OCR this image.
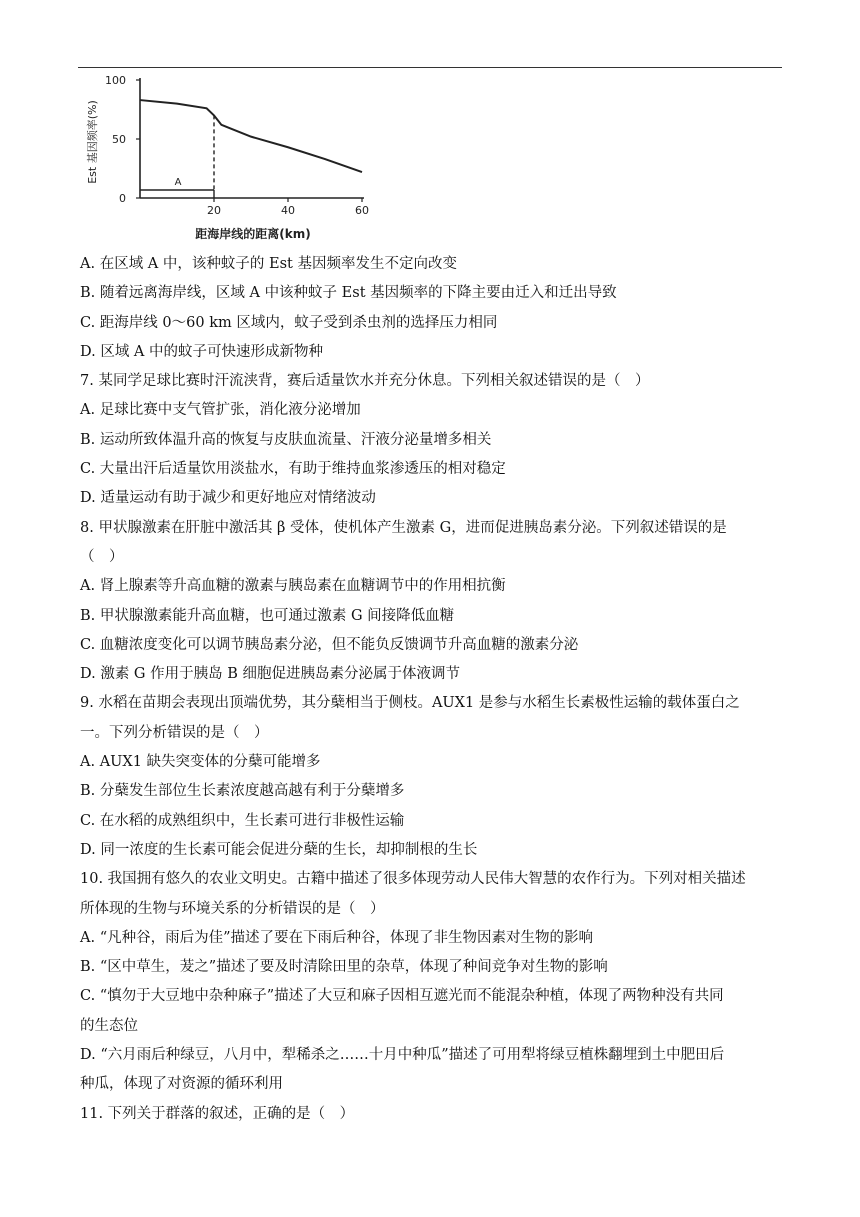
Est 基因频率(%)
距海岸线的距离(km)
100
50
0
20	40	60
A
A. 在区域 A 中，该种蚊子的 Est 基因频率发生不定向改变
B. 随着远离海岸线，区域 A 中该种蚊子 Est 基因频率的下降主要由迁入和迁出导致
C. 距海岸线 0～60 km 区域内，蚊子受到杀虫剂的选择压力相同
D. 区域 A 中的蚊子可快速形成新物种
7. 某同学足球比赛时汗流浃背，赛后适量饮水并充分休息。下列相关叙述错误的是（　）
A. 足球比赛中支气管扩张，消化液分泌增加
B. 运动所致体温升高的恢复与皮肤血流量、汗液分泌量增多相关
C. 大量出汗后适量饮用淡盐水，有助于维持血浆渗透压的相对稳定
D. 适量运动有助于减少和更好地应对情绪波动
8. 甲状腺激素在肝脏中激活其 β 受体，使机体产生激素 G，进而促进胰岛素分泌。下列叙述错误的是
（　）
A. 肾上腺素等升高血糖的激素与胰岛素在血糖调节中的作用相抗衡
B. 甲状腺激素能升高血糖，也可通过激素 G 间接降低血糖
C. 血糖浓度变化可以调节胰岛素分泌，但不能负反馈调节升高血糖的激素分泌
D. 激素 G 作用于胰岛 B 细胞促进胰岛素分泌属于体液调节
9. 水稻在苗期会表现出顶端优势，其分蘖相当于侧枝。AUX1 是参与水稻生长素极性运输的载体蛋白之
一。下列分析错误的是（　）
A. AUX1 缺失突变体的分蘖可能增多
B. 分蘖发生部位生长素浓度越高越有利于分蘖增多
C. 在水稻的成熟组织中，生长素可进行非极性运输
D. 同一浓度的生长素可能会促进分蘖的生长，却抑制根的生长
10. 我国拥有悠久的农业文明史。古籍中描述了很多体现劳动人民伟大智慧的农作行为。下列对相关描述
所体现的生物与环境关系的分析错误的是（　）
A. “凡种谷，雨后为佳”描述了要在下雨后种谷，体现了非生物因素对生物的影响
B. “区中草生，茇之”描述了要及时清除田里的杂草，体现了种间竞争对生物的影响
C. “慎勿于大豆地中杂种麻子”描述了大豆和麻子因相互遮光而不能混杂种植，体现了两物种没有共同
的生态位
D. “六月雨后种绿豆，八月中，犁稀杀之……十月中种瓜”描述了可用犁将绿豆植株翻埋到土中肥田后
种瓜，体现了对资源的循环利用
11. 下列关于群落的叙述，正确的是（　）
